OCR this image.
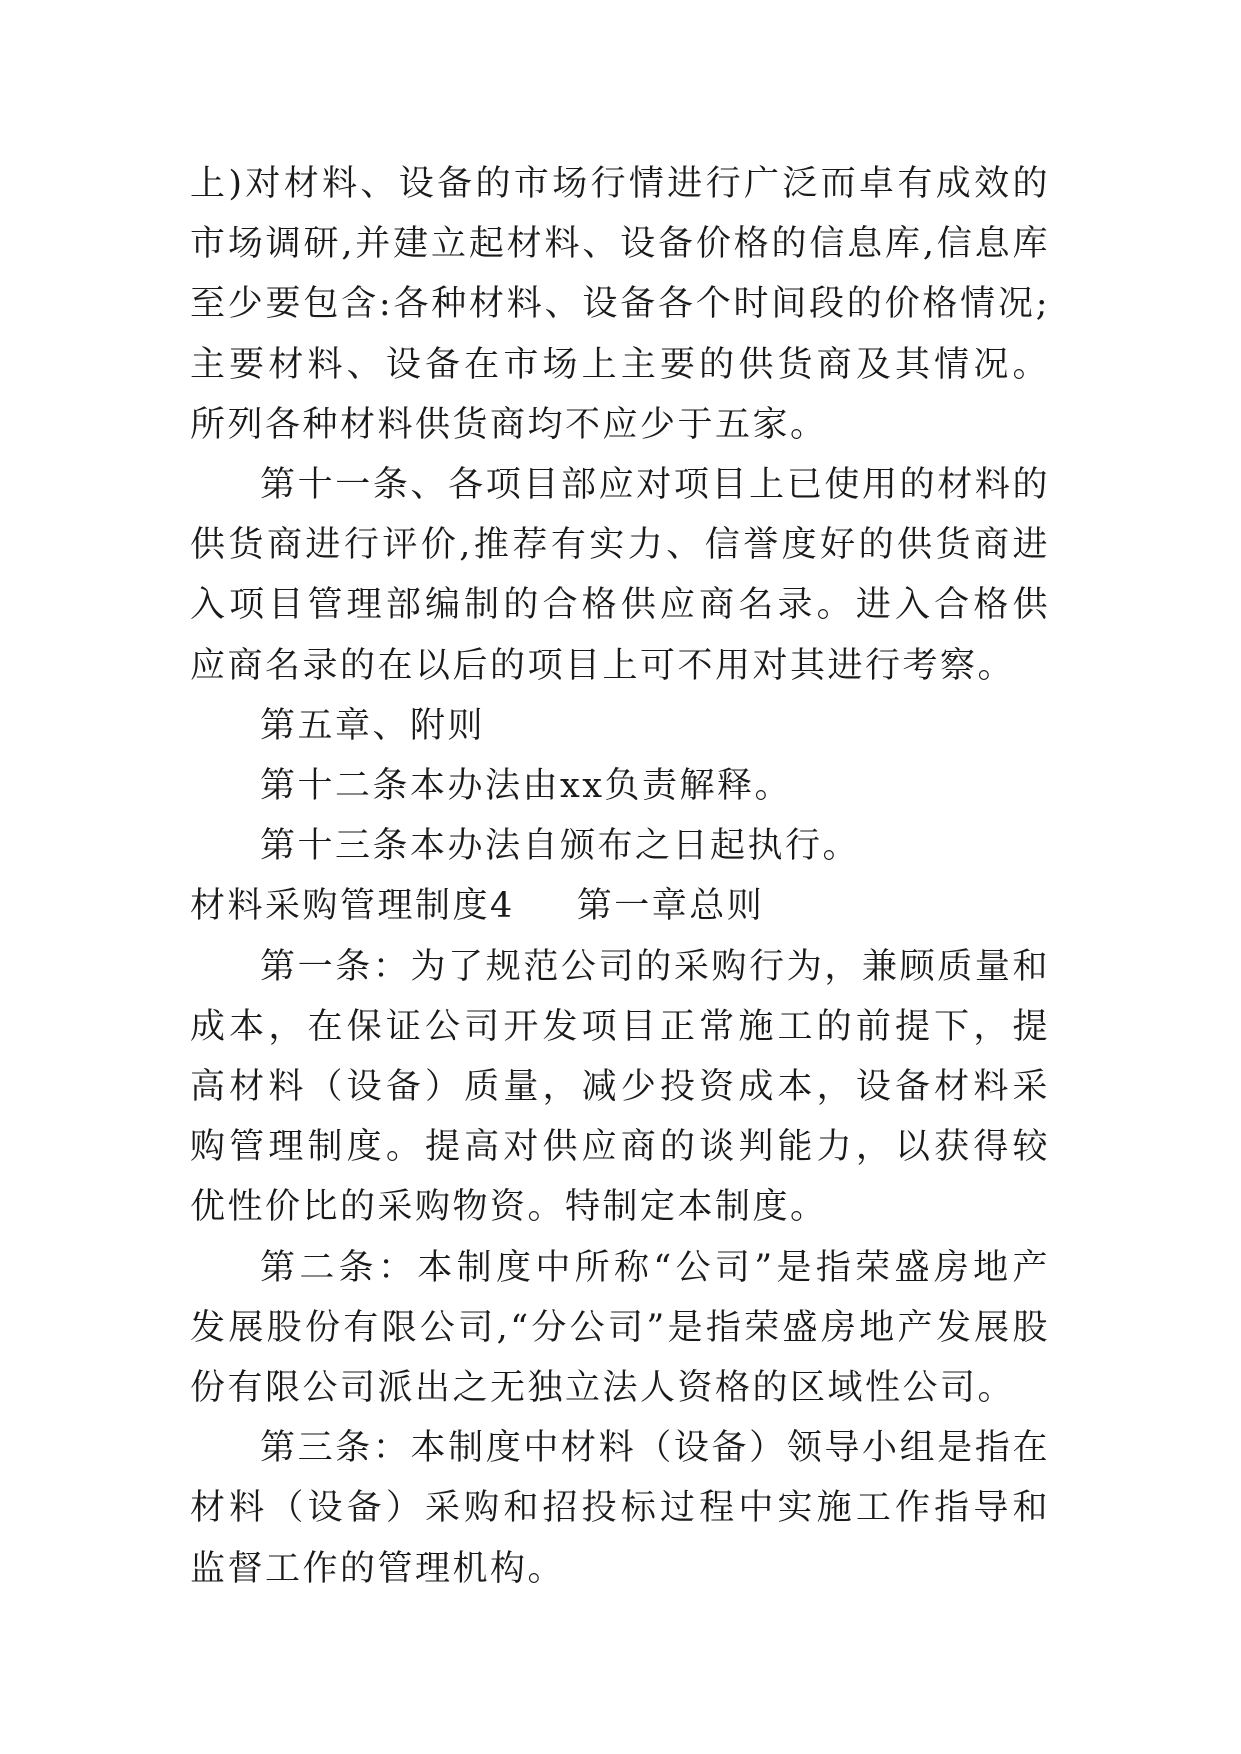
上)对材料、设备的市场行情进行广泛而卓有成效的市场调研,并建立起材料、设备价格的信息库,信息库至少要包含:各种材料、设备各个时间段的价格情况;主要材料、设备在市场上主要的供货商及其情况。所列各种材料供货商均不应少于五家。

第十一条、各项目部应对项目上已使用的材料的供货商进行评价,推荐有实力、信誉度好的供货商进入项目管理部编制的合格供应商名录。进入合格供应商名录的在以后的项目上可不用对其进行考察。

第五章、附则

第十二条本办法由xx负责解释。

第十三条本办法自颁布之日起执行。

材料采购管理制度4 第一章总则

第一条：为了规范公司的采购行为，兼顾质量和成本，在保证公司开发项目正常施工的前提下，提高材料（设备）质量，减少投资成本，设备材料采购管理制度。提高对供应商的谈判能力，以获得较优性价比的采购物资。特制定本制度。

第二条：本制度中所称“公司”是指荣盛房地产发展股份有限公司,“分公司”是指荣盛房地产发展股份有限公司派出之无独立法人资格的区域性公司。

第三条：本制度中材料（设备）领导小组是指在材料（设备）采购和招投标过程中实施工作指导和监督工作的管理机构。
